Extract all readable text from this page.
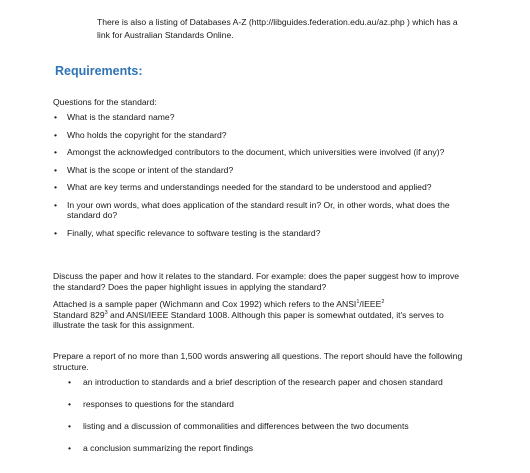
There is also a listing of Databases A-Z (http://libguides.federation.edu.au/az.php ) which has a
link for Australian Standards Online.
Requirements:
Questions for the standard:
• What is the standard name?
• Who holds the copyright for the standard?
• Amongst the acknowledged contributors to the document, which universities were involved (if any)?
• What is the scope or intent of the standard?
• What are key terms and understandings needed for the standard to be understood and applied?
• In your own words, what does application of the standard result in? Or, in other words, what does the standard do?
• Finally, what specific relevance to software testing is the standard?
Discuss the paper and how it relates to the standard. For example: does the paper suggest how to improve the standard? Does the paper highlight issues in applying the standard?
Attached is a sample paper (Wichmann and Cox 1992) which refers to the ANSI$^1$/IEEE$^2$
Standard $829^3$ and ANSI/IEEE Standard 1008. Although this paper is somewhat outdated, it's serves to illustrate the task for this assignment.
Prepare a report of no more than 1,500 words answering all questions. The report should have the following structure.
• an introduction to standards and a brief description of the research paper and chosen standard
• responses to questions for the standard
• listing and a discussion of commonalities and differences between the two documents
• a conclusion summarizing the report findings
